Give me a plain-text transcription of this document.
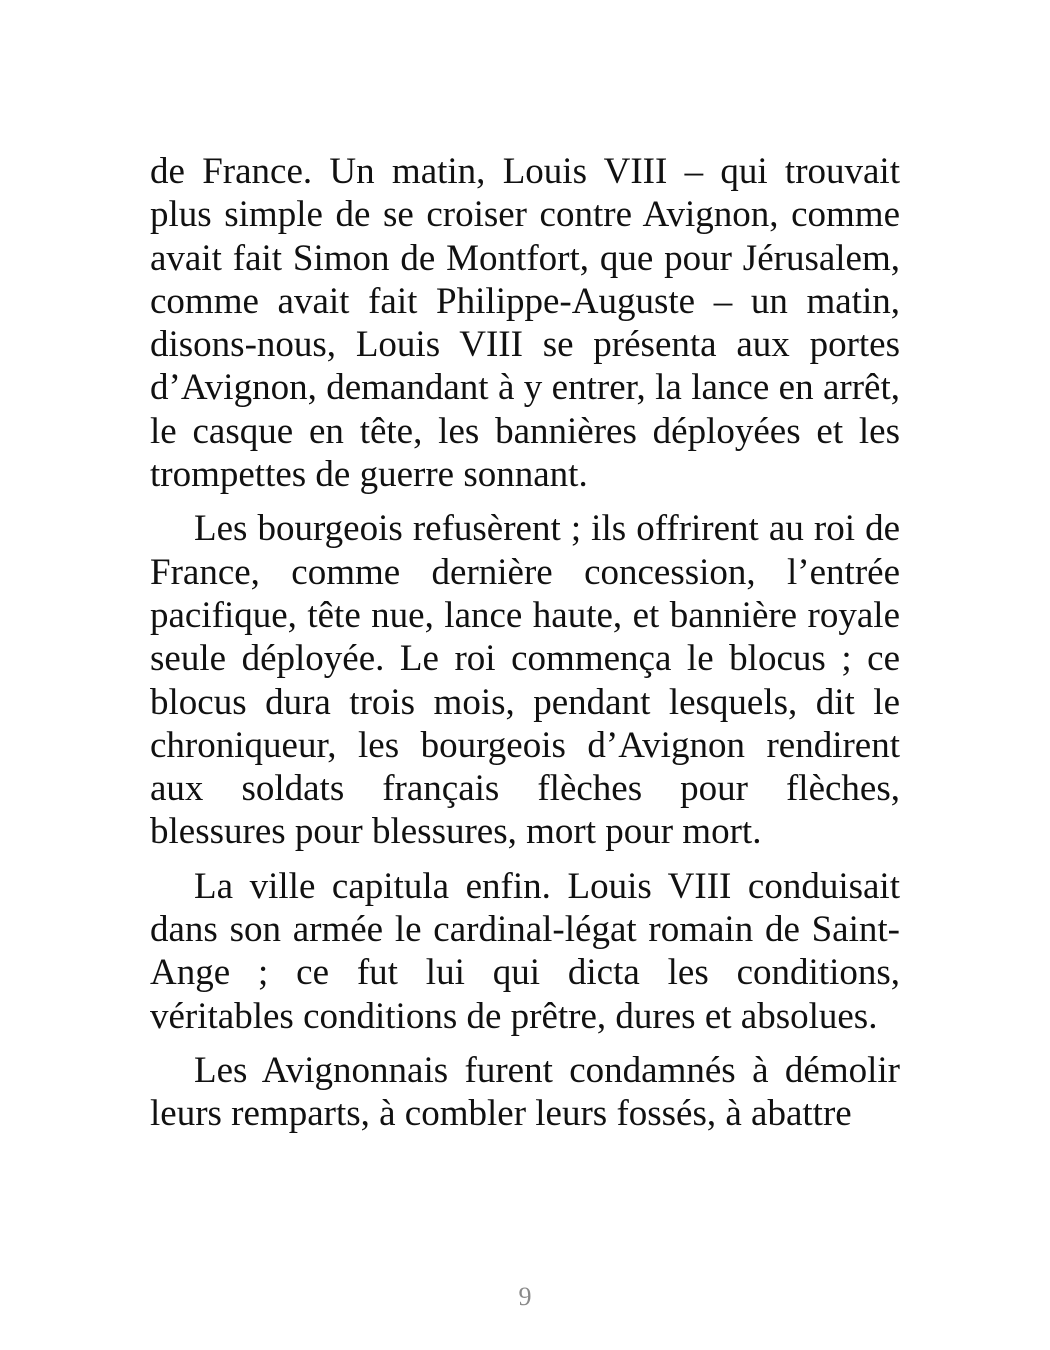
de France. Un matin, Louis VIII – qui trouvait plus simple de se croiser contre Avignon, comme avait fait Simon de Montfort, que pour Jérusalem, comme avait fait Philippe-Auguste – un matin, disons-nous, Louis VIII se présenta aux portes d’Avignon, demandant à y entrer, la lance en arrêt, le casque en tête, les bannières déployées et les trompettes de guerre sonnant.

Les bourgeois refusèrent ; ils offrirent au roi de France, comme dernière concession, l’entrée pacifique, tête nue, lance haute, et bannière royale seule déployée. Le roi commença le blocus ; ce blocus dura trois mois, pendant lesquels, dit le chroniqueur, les bourgeois d’Avignon rendirent aux soldats français flèches pour flèches, blessures pour blessures, mort pour mort.

La ville capitula enfin. Louis VIII conduisait dans son armée le cardinal-légat romain de Saint-Ange ; ce fut lui qui dicta les conditions, véritables conditions de prêtre, dures et absolues.

Les Avignonnais furent condamnés à démolir leurs remparts, à combler leurs fossés, à abattre

9
